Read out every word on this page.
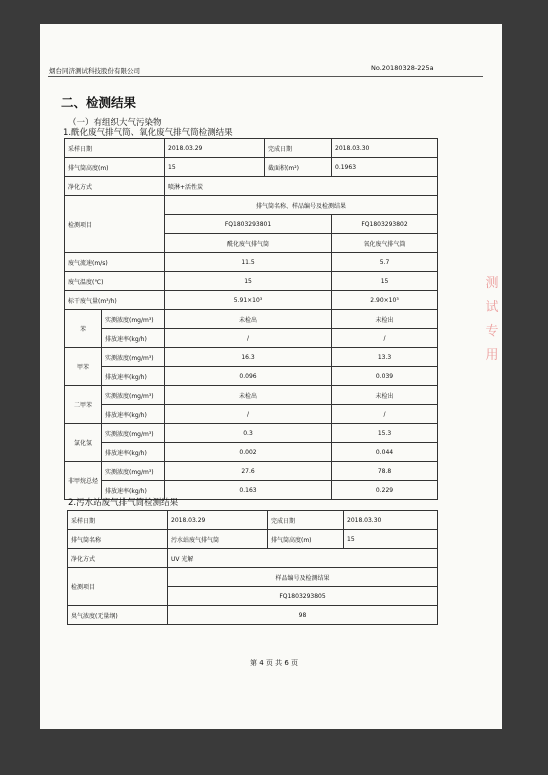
烟台同济测试科技股份有限公司	No.20180328-225a
二、检测结果
（一）有组织大气污染物
1.酰化废气排气筒、氧化废气排气筒检测结果
采样日期		2018.03.29	完成日期	2018.03.30
排气筒高度(m)		15	截面积(m²)	0.1963
净化方式		喷淋+活性炭		
检测项目		排气筒名称、样品编号及检测结果		
		FQ1803293801		FQ1803293802
		酰化废气排气筒		氧化废气排气筒
废气流速(m/s)		11.5		5.7
废气温度(℃)		15		15
标干废气量(m³/h)		5.91×10³		2.90×10³
苯	实测浓度(mg/m³)	未检出		未检出
	排放速率(kg/h)	/		/
甲苯	实测浓度(mg/m³)	16.3		13.3
	排放速率(kg/h)	0.096		0.039
二甲苯	实测浓度(mg/m³)	未检出		未检出
	排放速率(kg/h)	/		/
氯化氢	实测浓度(mg/m³)	0.3		15.3
	排放速率(kg/h)	0.002		0.044
非甲烷总烃	实测浓度(mg/m³)	27.6		78.8
	排放速率(kg/h)	0.163		0.229
2.污水站废气排气筒检测结果
采样日期	2018.03.29	完成日期	2018.03.30
排气筒名称	污水站废气排气筒	排气筒高度(m)	15
净化方式	UV 光解		
检测项目	样品编号及检测结果		
	FQ1803293805		
臭气浓度(无量纲)	98		
第 4 页 共 6 页
测
试
专
用
